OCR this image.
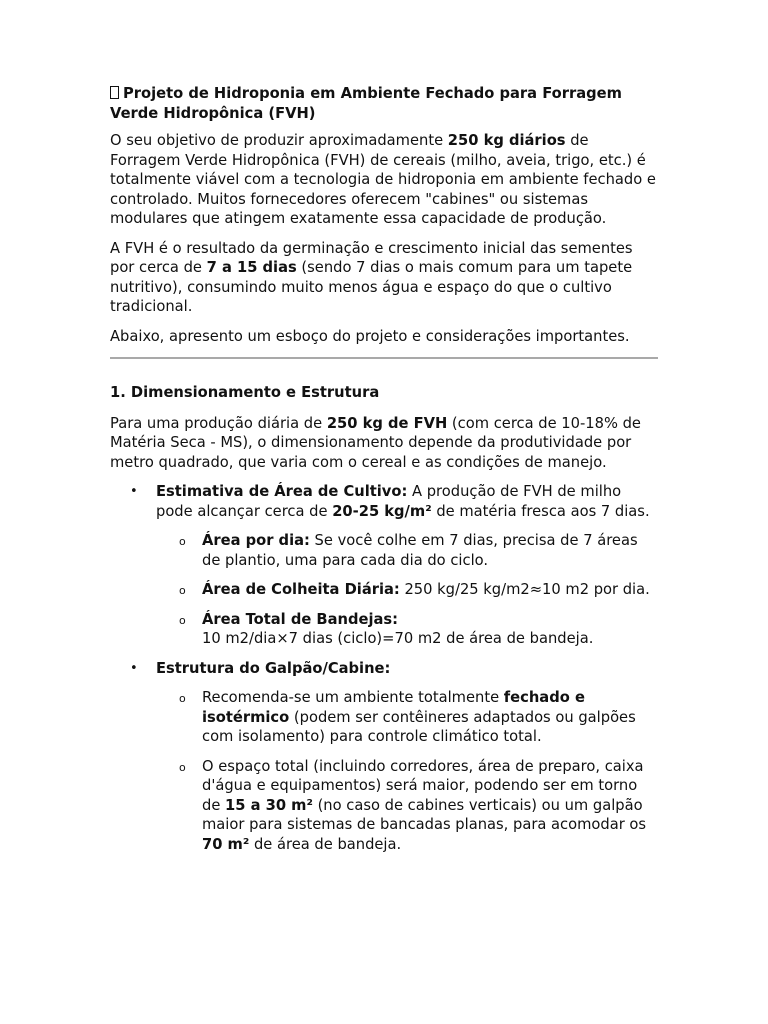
Projeto de Hidroponia em Ambiente Fechado para Forragem Verde Hidropônica (FVH)

O seu objetivo de produzir aproximadamente 250 kg diários de Forragem Verde Hidropônica (FVH) de cereais (milho, aveia, trigo, etc.) é totalmente viável com a tecnologia de hidroponia em ambiente fechado e controlado. Muitos fornecedores oferecem "cabines" ou sistemas modulares que atingem exatamente essa capacidade de produção.

A FVH é o resultado da germinação e crescimento inicial das sementes por cerca de 7 a 15 dias (sendo 7 dias o mais comum para um tapete nutritivo), consumindo muito menos água e espaço do que o cultivo tradicional.

Abaixo, apresento um esboço do projeto e considerações importantes.

1. Dimensionamento e Estrutura

Para uma produção diária de 250 kg de FVH (com cerca de 10-18% de Matéria Seca - MS), o dimensionamento depende da produtividade por metro quadrado, que varia com o cereal e as condições de manejo.

• Estimativa de Área de Cultivo: A produção de FVH de milho pode alcançar cerca de 20-25 kg/m² de matéria fresca aos 7 dias.
o Área por dia: Se você colhe em 7 dias, precisa de 7 áreas de plantio, uma para cada dia do ciclo.
o Área de Colheita Diária: 250 kg/25 kg/m2≈10 m2 por dia.
o Área Total de Bandejas:
10 m2/dia×7 dias (ciclo)=70 m2 de área de bandeja.
• Estrutura do Galpão/Cabine:
o Recomenda-se um ambiente totalmente fechado e isotérmico (podem ser contêineres adaptados ou galpões com isolamento) para controle climático total.
o O espaço total (incluindo corredores, área de preparo, caixa d'água e equipamentos) será maior, podendo ser em torno de 15 a 30 m² (no caso de cabines verticais) ou um galpão maior para sistemas de bancadas planas, para acomodar os 70 m² de área de bandeja.
